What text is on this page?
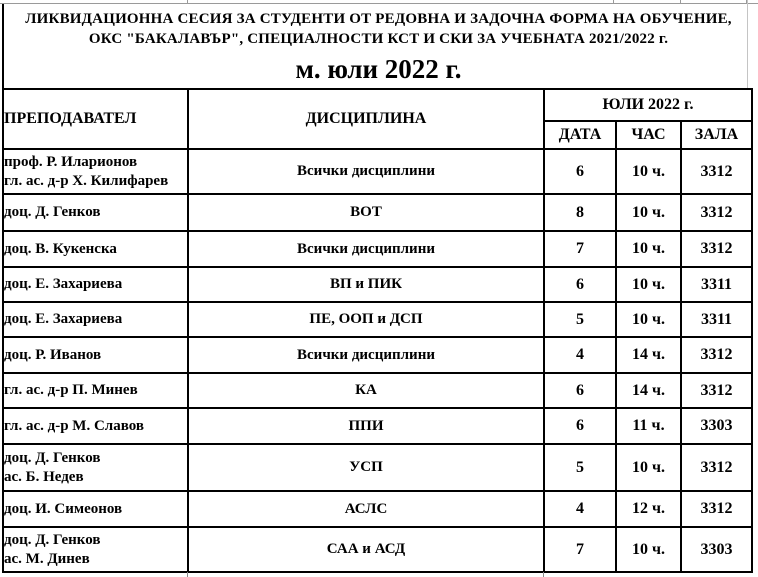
ЛИКВИДАЦИОННА СЕСИЯ ЗА СТУДЕНТИ ОТ РЕДОВНА И ЗАДОЧНА ФОРМА НА ОБУЧЕНИЕ,
ОКС "БАКАЛАВЪР", СПЕЦИАЛНОСТИ КСТ И СКИ ЗА УЧЕБНАТА 2021/2022 г.
м. юли 2022 г.
ПРЕПОДАВАТЕЛ	ДИСЦИПЛИНА	ЮЛИ 2022 г.		
		ДАТА	ЧАС	ЗАЛА

проф. Р. Иларионов
гл. ас. д-р Х. Килифарев	Всички дисциплини	6	10 ч.	3312

доц. Д. Генков	ВОТ	8	10 ч.	3312

доц. В. Кукенска	Всички дисциплини	7	10 ч.	3312

доц. Е. Захариева	ВП и ПИК	6	10 ч.	3311

доц. Е. Захариева	ПЕ, ООП и ДСП	5	10 ч.	3311

доц. Р. Иванов	Всички дисциплини	4	14 ч.	3312

гл. ас. д-р П. Минев	КА	6	14 ч.	3312

гл. ас. д-р М. Славов	ППИ	6	11 ч.	3303

доц. Д. Генков
ас. Б. Недев	УСП	5	10 ч.	3312

доц. И. Симеонов	АСЛС	4	12 ч.	3312

доц. Д. Генков
ас. М. Динев	САА и АСД	7	10 ч.	3303
